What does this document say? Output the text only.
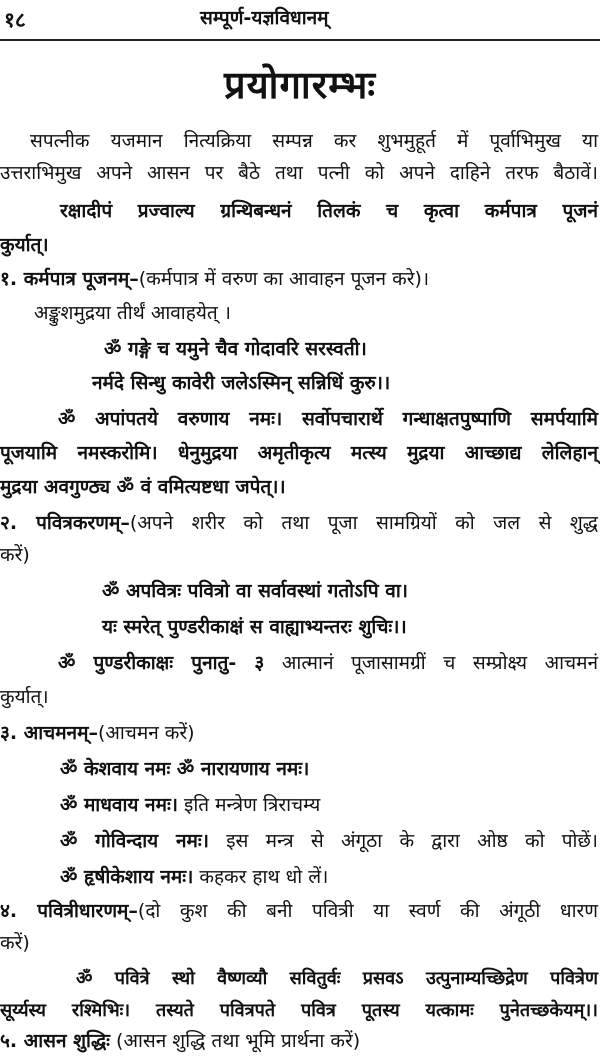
१८	सम्पूर्ण-यज्ञविधानम्
प्रयोगारम्भः
सपत्नीक यजमान नित्यक्रिया सम्पन्न कर शुभमुहूर्त में पूर्वाभिमुख या
उत्तराभिमुख अपने आसन पर बैठे तथा पत्नी को अपने दाहिने तरफ बैठावें।
रक्षादीपं प्रज्वाल्य ग्रन्थिबन्धनं तिलकं च कृत्वा कर्मपात्र पूजनं
कुर्यात्।
१. कर्मपात्र पूजनम्–(कर्मपात्र में वरुण का आवाहन पूजन करे)।
अङ्कुशमुद्रया तीर्थं आवाहयेत् ।
ॐ गङ्गे च यमुने चैव गोदावरि सरस्वती।
नर्मदे सिन्धु कावेरी जलेऽस्मिन् सन्निधिं कुरु।।
ॐ अपांपतये वरुणाय नमः। सर्वोपचारार्थे गन्धाक्षतपुष्पाणि समर्पयामि
पूजयामि नमस्करोमि। धेनुमुद्रया अमृतीकृत्य मत्स्य मुद्रया आच्छाद्य लेलिहान्
मुद्रया अवगुण्ठ्य ॐ वं वमित्यष्टधा जपेत्।।
२. पवित्रकरणम्–(अपने शरीर को तथा पूजा सामग्रियों को जल से शुद्ध
करें)
ॐ अपवित्रः पवित्रो वा सर्वावस्थां गतोऽपि वा।
यः स्मरेत् पुण्डरीकाक्षं स वाह्याभ्यन्तरः शुचिः।।
ॐ पुण्डरीकाक्षः पुनातु- ३ आत्मानं पूजासामग्रीं च सम्प्रोक्ष्य आचमनं
कुर्यात्।
३. आचमनम्–(आचमन करें)
ॐ केशवाय नमः ॐ नारायणाय नमः।
ॐ माधवाय नमः। इति मन्त्रेण त्रिराचम्य
ॐ गोविन्दाय नमः। इस मन्त्र से अंगूठा के द्वारा ओष्ठ को पोछें।
ॐ हृषीकेशाय नमः। कहकर हाथ धो लें।
४. पवित्रीधारणम्–(दो कुश की बनी पवित्री या स्वर्ण की अंगूठी धारण
करें)
ॐ पवित्रे स्थो वैष्णव्यौ सवितुर्वः प्रसवऽ उत्पुनाम्यच्छिद्रेण पवित्रेण
सूर्य्यस्य रश्मिभिः। तस्यते पवित्रपते पवित्र पूतस्य यत्कामः पुनेतच्छकेयम्।।
५. आसन शुद्धिः (आसन शुद्धि तथा भूमि प्रार्थना करें)
